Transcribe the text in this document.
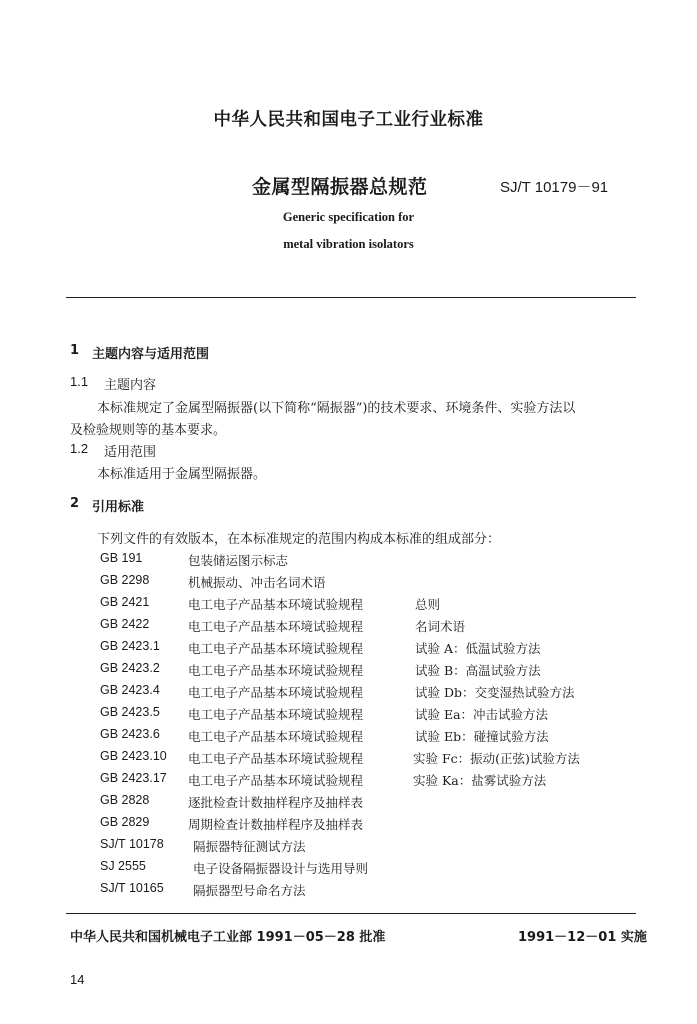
中华人民共和国电子工业行业标准
金属型隔振器总规范	SJ/T 10179－91
Generic specification for
metal vibration isolators
1 主题内容与适用范围
1.1 主题内容
本标准规定了金属型隔振器(以下简称“隔振器”)的技术要求、环境条件、实验方法以
及检验规则等的基本要求。
1.2 适用范围
本标准适用于金属型隔振器。
2 引用标准
下列文件的有效版本，在本标准规定的范围内构成本标准的组成部分：
GB 191	包装储运图示标志
GB 2298	机械振动、冲击名词术语
GB 2421	电工电子产品基本环境试验规程	总则
GB 2422	电工电子产品基本环境试验规程	名词术语
GB 2423.1 电工电子产品基本环境试验规程	试验 A：低温试验方法
GB 2423.2 电工电子产品基本环境试验规程	试验 B：高温试验方法
GB 2423.4 电工电子产品基本环境试验规程	试验 Db：交变湿热试验方法
GB 2423.5 电工电子产品基本环境试验规程	试验 Ea：冲击试验方法
GB 2423.6 电工电子产品基本环境试验规程	试验 Eb：碰撞试验方法
GB 2423.10 电工电子产品基本环境试验规程	实验 Fc：振动(正弦)试验方法
GB 2423.17 电工电子产品基本环境试验规程	实验 Ka：盐雾试验方法
GB 2828	逐批检查计数抽样程序及抽样表
GB 2829	周期检查计数抽样程序及抽样表
SJ/T 10178 隔振器特征测试方法
SJ 2555	电子设备隔振器设计与选用导则
SJ/T 10165 隔振器型号命名方法
中华人民共和国机械电子工业部 1991－05－28 批准	1991－12－01 实施
14
